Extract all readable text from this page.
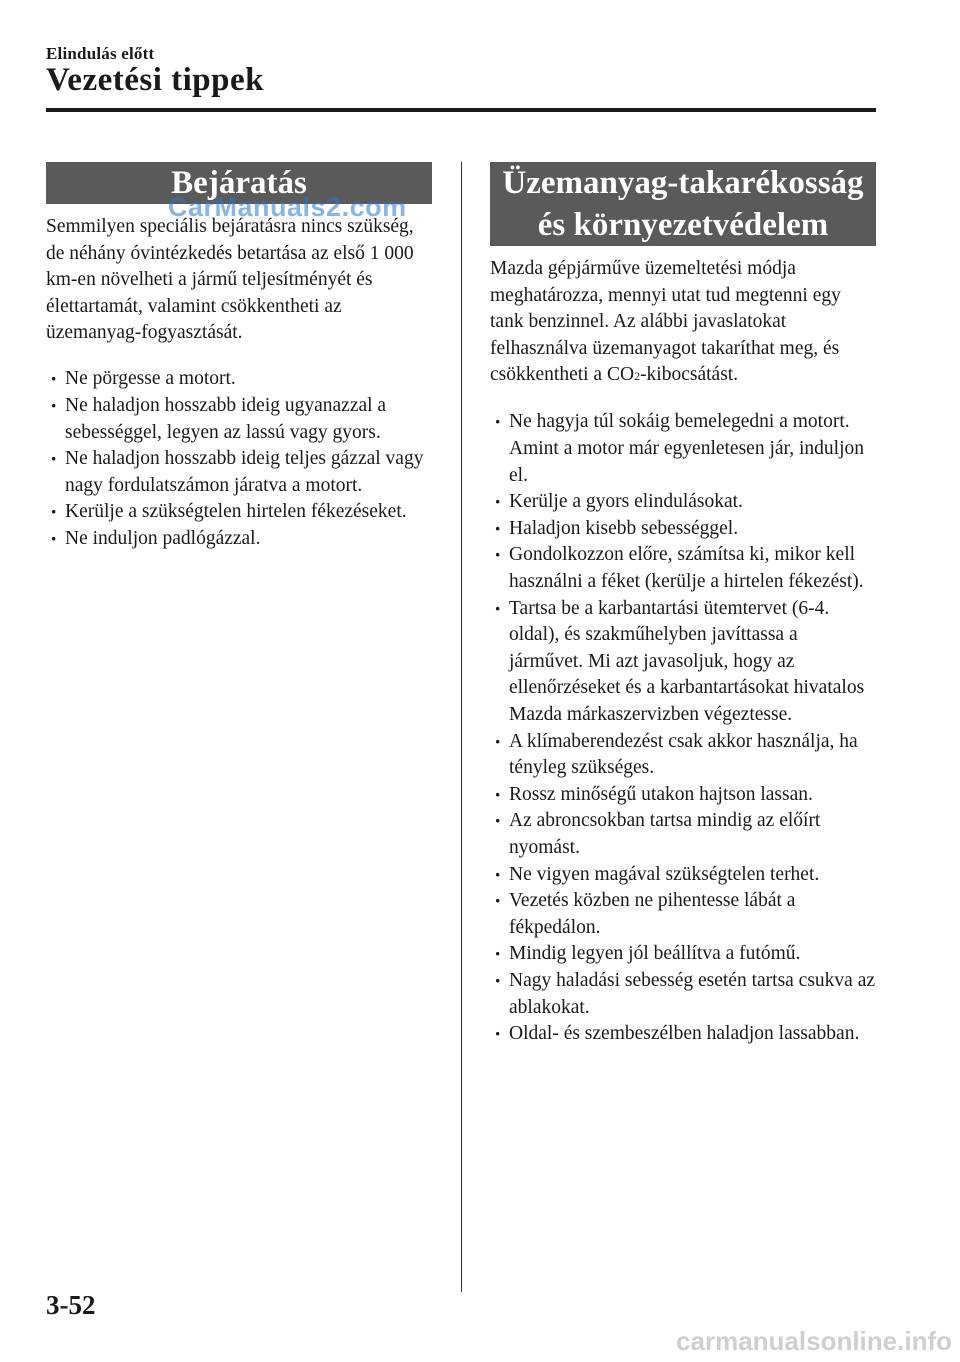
Elindulás előtt
Vezetési tippek
Bejáratás

Semmilyen speciális bejáratásra nincs szükség, de néhány óvintézkedés betartása az első 1 000 km-en növelheti a jármű teljesítményét és élettartamát, valamint csökkentheti az üzemanyag-fogyasztását.

· Ne pörgesse a motort.
· Ne haladjon hosszabb ideig ugyanazzal a sebességgel, legyen az lassú vagy gyors.
· Ne haladjon hosszabb ideig teljes gázzal vagy nagy fordulatszámon járatva a motort.
· Kerülje a szükségtelen hirtelen fékezéseket.
· Ne induljon padlógázzal.
CarManuals2.com
Üzemanyag-takarékosság
és környezetvédelem

Mazda gépjárműve üzemeltetési módja meghatározza, mennyi utat tud megtenni egy tank benzinnel. Az alábbi javaslatokat felhasználva üzemanyagot takaríthat meg, és csökkentheti a CO2-kibocsátást.

· Ne hagyja túl sokáig bemelegedni a motort. Amint a motor már egyenletesen jár, induljon el.
· Kerülje a gyors elindulásokat.
· Haladjon kisebb sebességgel.
· Gondolkozzon előre, számítsa ki, mikor kell használni a féket (kerülje a hirtelen fékezést).
· Tartsa be a karbantartási ütemtervet (6-4. oldal), és szakműhelyben javíttassa a járművet. Mi azt javasoljuk, hogy az ellenőrzéseket és a karbantartásokat hivatalos Mazda márkaszervizben végeztesse.
· A klímaberendezést csak akkor használja, ha tényleg szükséges.
· Rossz minőségű utakon hajtson lassan.
· Az abroncsokban tartsa mindig az előírt nyomást.
· Ne vigyen magával szükségtelen terhet.
· Vezetés közben ne pihentesse lábát a fékpedálon.
· Mindig legyen jól beállítva a futómű.
· Nagy haladási sebesség esetén tartsa csukva az ablakokat.
· Oldal- és szembeszélben haladjon lassabban.
3-52
carmanualsonline.info
